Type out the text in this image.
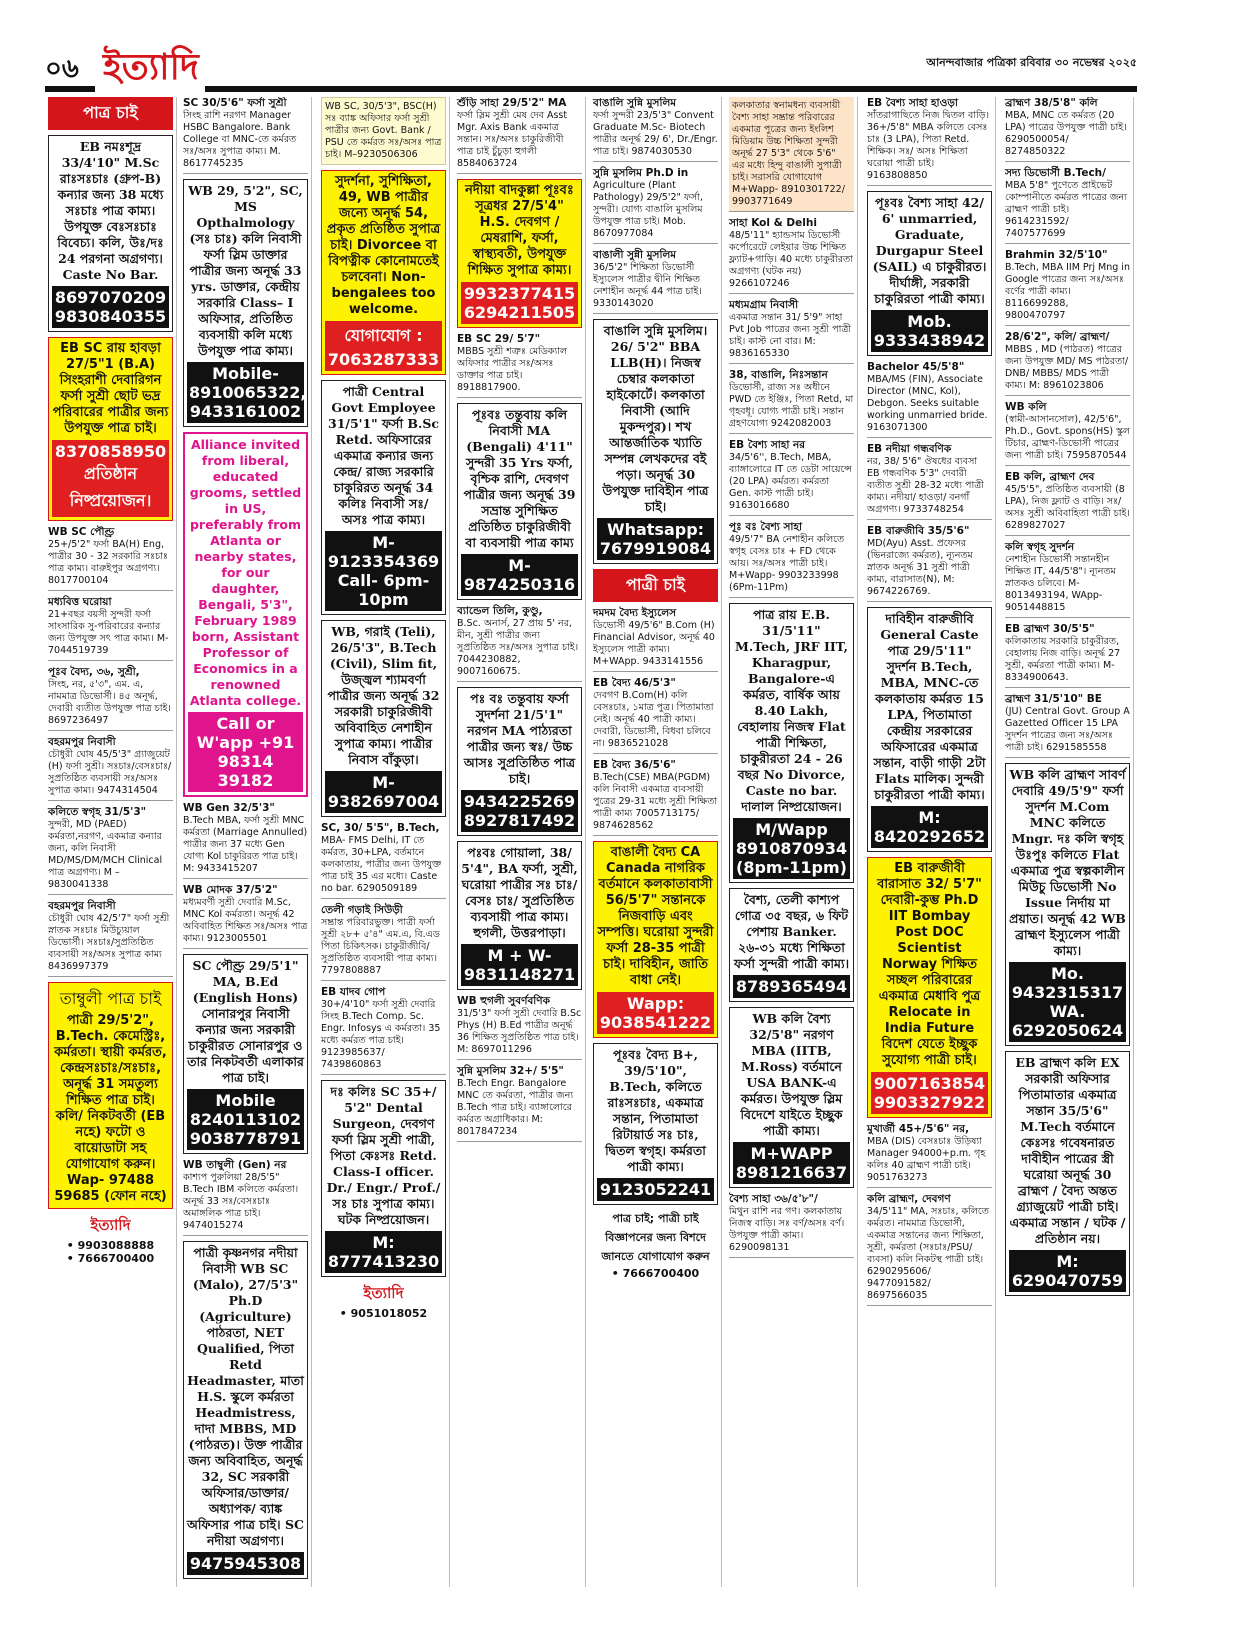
০৬ ইত্যাদি	আনন্দবাজার পত্রিকা রবিবার ৩০ নভেম্বর ২০২৫
পাত্র চাই
EB নমঃশূদ্র 33/4'10" M.Sc রাঃসঃচাঃ (গ্রুপ-B) কন্যার জন্য 38 মধ্যে সঃচাঃ পাত্র কাম্য। উপযুক্ত বেঃসঃচাঃ বিবেচ্য। কলি, উঃ/দঃ 24 পরগনা অগ্রগণ্য। Caste No Bar.
8697070209 9830840355
EB SC রায় হাবড়া 27/5"1 (B.A) সিংহরাশী দেবারিগন ফর্সা সুশ্রী ছোট ভদ্র পরিবারের পাত্রীর জন্য উপযুক্ত পাত্র চাই।
8370858950 প্রতিষ্ঠান নিষ্প্রয়োজন।
WB SC পৌণ্ড্র
25+/5'2" ফর্সা BA(H) Eng, পাত্রীর 30 - 32 সরকারি সঃচাঃ পাত্র কাম্য। বারুইপুর অগ্রগণ্য। 8017700104
মধ্যবিত্ত ঘরোয়া
21+বছর বয়সী সুন্দরী ফর্সা সাংসারিক সু-পরিবারের কন্যার জন্য উপযুক্ত সৎ পাত্র কাম্য। M-7044519739
পূঃব বৈদ্য, ৩৬, সুশ্রী,
সিংহ, নর, ৫'৩", এম. এ, নামমাত্র ডিভোর্সী। ৪৫ অনূর্দ্ধ, দেবারী ব্যতীত উপযুক্ত পাত্র চাই। 8697236497
বহরমপুর নিবাসী
চৌধুরী ঘোষ 45/5'3" গ্র্যাজুয়েট (H) ফর্সা সুশ্রী। সঃচাঃ/বেসঃচাঃ/সুপ্রতিষ্ঠিত ব্যবসায়ী সঃ/অসঃ সুপাত্র কাম্য। 9474314504
কলিতে স্বগৃহ 31/5'3"
সুন্দরী, MD (PAED) কর্মরতা,নরগণ, একমাত্র কন্যার জন্য, কলি নিবাসী MD/MS/DM/MCH Clinical পাত্র অগ্রগণ্য। M – 9830041338
বহরমপুর নিবাসী
চৌধুরী ঘোষ 42/5'7" ফর্সা সুশ্রী স্নাতক সঃচাঃ মিউচ্যুয়াল ডিভোর্সী। সঃচাঃ/সুপ্রতিষ্ঠিত ব্যবসায়ী সঃ/অসঃ সুপাত্র কাম্য 8436997379
তাম্বুলী পাত্র চাই
পাত্রী 29/5'2", B.Tech. কেমেস্ট্রিঃ, কর্মরতা। স্থায়ী কর্মরত, কেন্দ্রসঃচাঃ/সঃচাঃ, অনূর্দ্ধ 31 সমতুল্য শিক্ষিত পাত্র চাই। কলি/ নিকটবর্তী (EB নহে) ফটো ও বায়োডাটা সহ যোগাযোগ করুন। Wap- 97488 59685 (ফোন নহে)
ইত্যাদি
• 9903088888
• 7666700400
SC 30/5'6" ফর্সা সুশ্রী
সিংহ রাশি নরগণ Manager HSBC Bangalore. Bank College বা MNC-তে কর্মরত সঃ/অসঃ সুপাত্র কাম্য। M. 8617745235
WB 29, 5'2", SC, MS Opthalmology (সঃ চাঃ) কলি নিবাসী ফর্সা স্লিম ডাক্তার পাত্রীর জন্য অনূর্দ্ধ 33 yrs. ডাক্তার, কেন্দ্রীয় সরকারি Class– I অফিসার, প্রতিষ্ঠিত ব্যবসায়ী কলি মধ্যে উপযুক্ত পাত্র কাম্য।
Mobile- 8910065322, 9433161002
Alliance invited from liberal, educated grooms, settled in US, preferably from Atlanta or nearby states, for our daughter, Bengali, 5'3", February 1989 born, Assistant Professor of Economics in a renowned Atlanta college.
Call or W'app +91 98314 39182
WB Gen 32/5'3"
B.Tech MBA, ফর্সা সুশ্রী MNC কর্মরতা (Marriage Annulled) পাত্রীর জন্য 37 মধ্যে Gen যোগ্য Kol চাকুরিরত পাত্র চাই। M: 9433415207
WB মোদক 37/5'2"
মধ্যমবর্ণী সুশ্রী দেবারি M.Sc, MNC Kol কর্মরতা। অনূর্দ্ধ 42 অবিবাহিত শিক্ষিত সঃ/অসঃ পাত্র কাম্য। 9123005501
SC পৌণ্ড্র 29/5'1" MA, B.Ed (English Hons) সোনারপুর নিবাসী কন্যার জন্য সরকারী চাকুরীরত সোনারপুর ও তার নিকটবর্তী এলাকার পাত্র চাই।
Mobile 8240113102 9038778791
WB তাম্বুলী (Gen) নর
কাশ্যপ পুরুলিয়া 28/5'5" B.Tech IBM কলিতে কর্মরতা। অনূর্দ্ধ 33 সঃ/বেসঃচাঃ অমাঙ্গলিক পাত্র চাই। 9474015274
পাত্রী কৃষ্ণনগর নদীয়া নিবাসী WB SC (Malo), 27/5'3" Ph.D (Agriculture) পাঠরতা, NET Qualified, পিতা Retd Headmaster, মাতা H.S. স্কুলে কর্মরতা Headmistress, দাদা MBBS, MD (পাঠরত)। উক্ত পাত্রীর জন্য অবিবাহিত, অনূর্দ্ধ 32, SC সরকারী অফিসার/ডাক্তার/ অধ্যাপক/ ব্যাঙ্ক অফিসার পাত্র চাই। SC নদীয়া অগ্রগণ্য।
9475945308
WB SC, 30/5'3", BSC(H) সঃ ব্যাঙ্ক অফিসার ফর্সা সুশ্রী পাত্রীর জন্য Govt. Bank / PSU তে কর্মরত সঃ/অসঃ পাত্র চাই। M–9230506306
সুদর্শনা, সুশিক্ষিতা, 49, WB পাত্রীর জন্যে অনূর্দ্ধ 54, প্রকৃত প্রতিষ্ঠিত সুপাত্র চাই। Divorcee বা বিপত্নীক কোনোমতেই চলবেনা। Non-bengalees too welcome.
যোগাযোগ : 7063287333
পাত্রী Central Govt Employee 31/5'1" ফর্সা B.Sc Retd. অফিসারের একমাত্র কন্যার জন্য কেন্দ্র/ রাজ্য সরকারি চাকুরিরত অনূর্দ্ধ 34 কলিঃ নিবাসী সঃ/ অসঃ পাত্র কাম্য।
M-9123354369 Call- 6pm-10pm
WB, গরাই (Teli), 26/5'3", B.Tech (Civil), Slim fit, উজ্জ্বল শ্যামবর্ণা পাত্রীর জন্য অনূর্দ্ধ 32 সরকারী চাকুরিজীবী অবিবাহিত নেশাহীন সুপাত্র কাম্য। পাত্রীর নিবাস বাঁকুড়া।
M-9382697004
SC, 30/ 5'5", B.Tech,
MBA- FMS Delhi, IT তে কর্মরত, 30+LPA, বর্তমানে কলকাতায়, পাত্রীর জন্য উপযুক্ত পাত্র চাই 35 এর মধ্যে। Caste no bar. 6290509189
তেলী গড়াই সিউড়ী
সম্ভ্রান্ত পরিবারভুক্ত। পাত্রী ফর্সা সুশ্রী ২৮+ ৫'৪" এম.এ, বি.এড পিতা চিকিৎসক। চাকুরীজীবি/ সুপ্রতিষ্ঠিত ব্যবসায়ী পাত্র কাম্য। 7797808887
EB যাদব গোপ
30+/4'10" ফর্সা সুশ্রী দেবারি সিংহ B.Tech Comp. Sc. Engr. Infosys এ কর্মরতা। 35 মধ্যে কর্মরত পাত্র চাই। 9123985637/ 7439860863
দঃ কলিঃ SC 35+/ 5'2" Dental Surgeon, দেবগণ ফর্সা স্লিম সুশ্রী পাত্রী, পিতা কেঃসঃ Retd. Class-I officer. Dr./ Engr./ Prof./ সঃ চাঃ সুপাত্র কাম্য। ঘটক নিষ্প্রয়োজন।
M: 8777413230
ইত্যাদি
• 9051018052
শুঁড়ি সাহা 29/5'2" MA
ফর্সা স্লিম সুশ্রী মেষ দেব Asst Mgr. Axis Bank একমাত্র সন্তান। সঃ/অসঃ চাকুরিজীবী পাত্র চাই চুঁচুড়া হুগলী 8584063724
নদীয়া বাদকুল্লা পূঃবঃ সূত্রধর 27/5'4" H.S. দেবগণ / মেষরাশি, ফর্সা, স্বাস্থ্যবতী, উপযুক্ত শিক্ষিত সুপাত্র কাম্য।
9932377415 6294211505
EB SC 29/ 5'7"
MBBS সুশ্রী শত্রুঃ মেডিক্যাল অফিসার পাত্রীর সঃ/অসঃ ডাক্তার পাত্র চাই। 8918817900.
পূঃবঃ তন্তুবায় কলি নিবাসী MA (Bengali) 4'11" সুন্দরী 35 Yrs ফর্সা, বৃশ্চিক রাশি, দেবগণ পাত্রীর জন্য অনূর্দ্ধ 39 সভ্রান্ত সুশিক্ষিত প্রতিষ্ঠিত চাকুরিজীবী বা ব্যবসায়ী পাত্র কাম্য
M- 9874250316
ব্যান্ডেল তিলি, কুণ্ডু,
B.Sc. অনার্স, 27 প্রায় 5' নর, মীন, সুশ্রী পাত্রীর জন্য সুপ্রতিষ্ঠিত সঃ/অসঃ সুপাত্র চাই। 7044230882, 9007160675.
পঃ বঃ তন্তুবায় ফর্সা সুদর্শনা 21/5'1" নরগন MA পাঠ্যরতা পাত্রীর জন্য স্বঃ/ উচ্চ আসঃ সুপ্রতিষ্ঠিত পাত্র চাই।
9434225269 8927817492
পঃবঃ গোয়ালা, 38/ 5'4", BA ফর্সা, সুশ্রী, ঘরোয়া পাত্রীর সঃ চাঃ/ বেসঃ চাঃ/ সুপ্রতিষ্ঠিত ব্যবসায়ী পাত্র কাম্য। হুগলী, উত্তরপাড়া।
M + W- 9831148271
WB হুগলী সুবর্ণবণিক
31/5'3" ফর্সা সুশ্রী দেবারি B.Sc Phys (H) B.Ed পাত্রীর অনূর্দ্ধ 36 শিক্ষিত সুপ্রতিষ্ঠিত পাত্র চাই। M: 8697011296
সুন্নি মুসলিম 32+/ 5'5"
B.Tech Engr. Bangalore MNC তে কর্মরতা, পাত্রীর জন্য B.Tech পাত্র চাই। ব্যাঙ্গালোরে কর্মরত অগ্রাধিকার। M: 8017847234
বাঙালি সুন্নি মুসলিম
ফর্সা সুন্দরী 23/5'3" Convent Graduate M.Sc- Biotech পাত্রীর অনূর্দ্ধ 29/ 6', Dr./Engr. পাত্র চাই। 9874030530
সুন্নি মুসলিম Ph.D in
Agriculture (Plant Pathology) 29/5'2" ফর্সা, সুন্দরী। যোগ্য বাঙালি মুসলিম উপযুক্ত পাত্র চাই। Mob. 8670977084
বাঙালী সুন্নী মুসলিম
36/5'2" শিক্ষিতা ডিভোর্সী ইস্যুলেস পাত্রীর দ্বীনি শিক্ষিত নেশাহীন অনূর্দ্ধ 44 পাত্র চাই। 9330143020
বাঙালি সুন্নি মুসলিম। 26/ 5'2" BBA LLB(H)। নিজস্ব চেম্বার কলকাতা হাইকোর্টে। কলকাতা নিবাসী (আদি মুকন্দপুর)। শখ আন্তর্জাতিক খ্যাতি সম্পন্ন লেখকদের বই পড়া। অনূর্দ্ধ 30 উপযুক্ত দাবিহীন পাত্র চাই।
Whatsapp: 7679919084
পাত্রী চাই
দমদম বৈদ্য ইস্যুলেস
ডিভোর্সী 49/5'6" B.Com (H) Financial Advisor, অনূর্দ্ধ 40 ইস্যুলেস পাত্রী কাম্য। M+WApp. 9433141556
EB বৈদ্য 46/5'3"
দেবগণ B.Com(H) কলি বেসঃচাঃ, ১মাত্র পুত্র। পিতামাতা নেই। অনূর্দ্ধ 40 পাত্রী কাম্য। দেবারী, ডিভোর্সী, বিধবা চলিবে না। 9836521028
EB বৈদ্য 36/5'6"
B.Tech(CSE) MBA(PGDM) কলি নিবাসী একমাত্র ব্যবসায়ী পুত্রের 29-31 মধ্যে সুশ্রী শিক্ষিতা পাত্রী কাম্য 7005713175/ 9874628562
বাঙালী বৈদ্য CA Canada নাগরিক বর্তমানে কলকাতাবাসী 56/5'7" সন্তানকে নিজবাড়ি এবং সম্পত্তি। ঘরোয়া সুন্দরী ফর্সা 28-35 পাত্রী চাই। দাবিহীন, জাতি বাধা নেই।
Wapp: 9038541222
পূঃবঃ বৈদ্য B+, 39/5'10", B.Tech, কলিতে রাঃসঃচাঃ, একমাত্র সন্তান, পিতামাতা রিটায়ার্ড সঃ চাঃ, দ্বিতল স্বগৃহ। কর্মরতা পাত্রী কাম্য।
9123052241
পাত্র চাই; পাত্রী চাই বিজ্ঞাপনের জন্য বিশদে জানতে যোগাযোগ করুন
• 7666700400
কলকাতার স্বনামধন্য ব্যবসায়ী বৈশ্য সাহা সম্ভ্রান্ত পরিবারের একমাত্র পুত্রের জন্য ইংলিশ মিডিয়াম উচ্চ শিক্ষিতা সুন্দরী অনূর্দ্ধ 27 5'3" থেকে 5'6" এর মধ্যে হিন্দু বাঙালী সুপাত্রী চাই। সরাসরি যোগাযোগ M+Wapp- 8910301722/ 9903771649
সাহা Kol & Delhi
48/5'11" হ্যান্ডসাম ডিভোর্সী কর্পোরেটে লেইয়ার উচ্চ শিক্ষিত ফ্ল্যাট+গাড়ি। 40 মধ্যে চাকুরীরতা অগ্রগণ্য (ঘটক নয়) 9266107246
মধ্যমগ্রাম নিবাসী
একমাত্র সন্তান 31/ 5'9" সাহা Pvt Job পাত্রের জন্য সুশ্রী পাত্রী চাই। কাস্ট নো বার। M: 9836165330
38, বাঙালি, নিঃসন্তান
ডিভোর্সী, রাজ্য সঃ অধীনে PWD তে ইঞ্জিঃ, পিতা Retd, মা গৃহবধূ। যোগ্য পাত্রী চাই। সন্তান গ্রহণযোগ্য 9242082003
EB বৈশ্য সাহা নর
34/5'6'', B.Tech, MBA, ব্যাঙ্গালোরে IT তে ডেটা সায়েন্সে (20 LPA) কর্মরত। কর্মরতা Gen. কাস্ট পাত্রী চাই। 9163016680
পূঃ বঃ বৈশ্য সাহা
49/5'7" BA নেশাহীন কলিতে স্বগৃহ বেসঃ চাঃ + FD থেকে আয়। সঃ/অসঃ পাত্রী চাই। M+Wapp- 9903233998 (6Pm-11Pm)
পাত্র রায় E.B. 31/5'11" M.Tech, JRF IIT, Kharagpur, Bangalore-এ কর্মরত, বার্ষিক আয় 8.40 Lakh, বেহালায় নিজস্ব Flat পাত্রী শিক্ষিতা, চাকুরীরতা 24 - 26 বছর No Divorce, Caste no bar. দালাল নিষ্প্রয়োজন।
M/Wapp 8910870934 (8pm-11pm)
বৈশ্য, তেলী কাশ্যপ গোত্র ৩৫ বছর, ৬ ফিট পেশায় Banker. ২৬-৩১ মধ্যে শিক্ষিতা ফর্সা সুন্দরী পাত্রী কাম্য।
8789365494
WB কলি বৈশ্য 32/5'8" নরগণ MBA (IITB, M.Ross) বর্তমানে USA BANK-এ কর্মরত। উপযুক্ত স্লিম বিদেশে যাইতে ইচ্ছুক পাত্রী কাম্য।
M+WAPP 8981216637
বৈশ্য সাহা ৩৬/৫'৮"/
মিথুন রাশি নর গণ। কলকাতায় নিজস্ব বাড়ি। সঃ বর্ণ/অসঃ বর্ণ। উপযুক্ত পাত্রী কাম্য। 6290098131
EB বৈশ্য সাহা হাওড়া
সাঁতরাগাছিতে নিজ দ্বিতল বাড়ি। 36+/5'8" MBA কলিতে বেসঃ চাঃ (3 LPA), পিতা Retd. শিক্ষিক। সঃ/ অসঃ শিক্ষিতা ঘরোয়া পাত্রী চাই। 9163808850
পূঃবঃ বৈশ্য সাহা 42/ 6' unmarried, Graduate, Durgapur Steel (SAIL) এ চাকুরীরত। দীর্ঘাঙ্গী, সরকারী চাকুরিরতা পাত্রী কাম্য।
Mob. 9333438942
Bachelor 45/5'8"
MBA/MS (FIN), Associate Director (MNC, Kol), Debgon. Seeks suitable working unmarried bride. 9163071300
EB নদীয়া গন্ধবণিক
নর, 38/ 5'6" ঔষধের ব্যবসা EB গন্ধবণিক 5'3" দেবারী ব্যতীত সুশ্রী 28-32 মধ্যে পাত্রী কাম্য। নদীয়া/ হাওড়া/ বনগাঁ অগ্রগণ্য। 9733748254
EB বারুজীবি 35/5'6"
MD(Ayu) Asst. প্রফেসর (ভিনরাজ্যে কর্মরত), ন্যূনতম স্নাতক অনূর্দ্ধ 31 সুশ্রী পাত্রী কাম্য, বারাসাত(N), M: 9674226769.
দাবিহীন বারুজীবি General Caste পাত্র 29/5'11" সুদর্শন B.Tech, MBA, MNC-তে কলকাতায় কর্মরত 15 LPA, পিতামাতা কেন্দ্রীয় সরকারের অফিসারের একমাত্র সন্তান, বাড়ী গাড়ী 2টা Flats মালিক। সুন্দরী চাকুরীরতা পাত্রী কাম্য।
M: 8420292652
EB বারুজীবী বারাসাত 32/ 5'7" দেবারী-কুম্ভ Ph.D IIT Bombay Post DOC Scientist Norway শিক্ষিত সচ্ছল পরিবারের একমাত্র মেধাবি পুত্র Relocate in India Future বিদেশ যেতে ইচ্ছুক সুযোগ্য পাত্রী চাই।
9007163854 9903327922
মুখার্জী 45+/5'6" নর,
MBA (DIS) বেসঃচাঃ উড়িষ্যা Manager 94000+p.m. গৃহ কলিঃ 40 ব্রাহ্মণ পাত্রী চাই। 9051763273
কলি ব্রাহ্মণ, দেবগণ
34/5'11" MA, সঃচাঃ, কলিতে কর্মরত। নামমাত্র ডিভোর্সী, একমাত্র সন্তানের জন্য শিক্ষিতা, সুশ্রী, কর্মরতা (সঃচাঃ/PSU/ব্যবসা) কলি নিকটস্থ পাত্রী চাই। 6290295606/ 9477091582/ 8697566035
ব্রাহ্মণ 38/5'8" কলি
MBA, MNC তে কর্মরত (20 LPA) পাত্রের উপযুক্ত পাত্রী চাই। 6290500054/ 8274850322
সদ্য ডিভোর্সী B.Tech/
MBA 5'8" পুণেতে প্রাইভেট কোম্পানীতে কর্মরত পাত্রের জন্য ব্রাহ্মণ পাত্রী চাই। 9614231592/ 7407577699
Brahmin 32/5'10"
B.Tech, MBA IIM Prj Mng in Google পাত্রের জন্য সঃ/অসঃ বর্ণের পাত্রী কাম্য। 8116699288, 9800470797
28/6'2", কলি/ ব্রাহ্মণ/
MBBS , MD (পাঠরত) পাত্রের জন্য উপযুক্ত MD/ MS পাঠরতা/ DNB/ MBBS/ MDS পাত্রী কাম্য। M: 8961023806
WB কলি
(স্বামী-আসানসোল), 42/5'6", Ph.D., Govt. spons(HS) স্কুল টিচার, ব্রাহ্মণ-ডিভোর্সী পাত্রের জন্য পাত্রী চাই। 7595870544
EB কলি, ব্রাহ্মণ দেব
45/5'5", প্রতিষ্ঠিত ব্যবসায়ী (8 LPA), নিজ ফ্ল্যাট ও বাড়ি। সঃ/অসঃ সুশ্রী অবিবাহিতা পাত্রী চাই। 6289827027
কলি স্বগৃহ সুদর্শন
নেশাহীন ডিভোর্সী সন্তানহীন শিক্ষিত IT, 44/5'8"। ন্যূনতম স্নাতকও চলিবে। M-8013493194, WApp- 9051448815
EB ব্রাহ্মণ 30/5'5"
কলিকাতায় সরকারি চাকুরীরত, বেহালায় নিজ বাড়ি। অনূর্দ্ধ 27 সুশ্রী, কর্মরতা পাত্রী কাম্য। M- 8334900643.
ব্রাহ্মণ 31/5'10" BE
(JU) Central Govt. Group A Gazetted Officer 15 LPA সুদর্শন পাত্রের জন্য সঃ/অসঃ পাত্রী চাই। 6291585558
WB কলি ব্রাহ্মণ সাবর্ণ দেবারি 49/5'9" ফর্সা সুদর্শন M.Com MNC কলিতে Mngr. দঃ কলি স্বগৃহ উঃপুঃ কলিতে Flat একমাত্র পুত্র স্বল্পকালীন মিউচু ডিভোর্সী No Issue নির্দায় মা প্রয়াত। অনূর্দ্ধ 42 WB ব্রাহ্মণ ইস্যুলেস পাত্রী কাম্য।
Mo. 9432315317 WA. 6292050624
EB ব্রাহ্মণ কলি EX সরকারী অফিসার পিতামাতার একমাত্র সন্তান 35/5'6" M.Tech বর্তমানে কেঃসঃ গবেষনারত দাবীহীন পাত্রের স্ত্রী ঘরোয়া অনূর্দ্ধ 30 ব্রাহ্মণ / বৈদ্য অন্তত গ্র্যাজুয়েট পাত্রী চাই। একমাত্র সন্তান / ঘটক / প্রতিষ্ঠান নয়।
M: 6290470759
